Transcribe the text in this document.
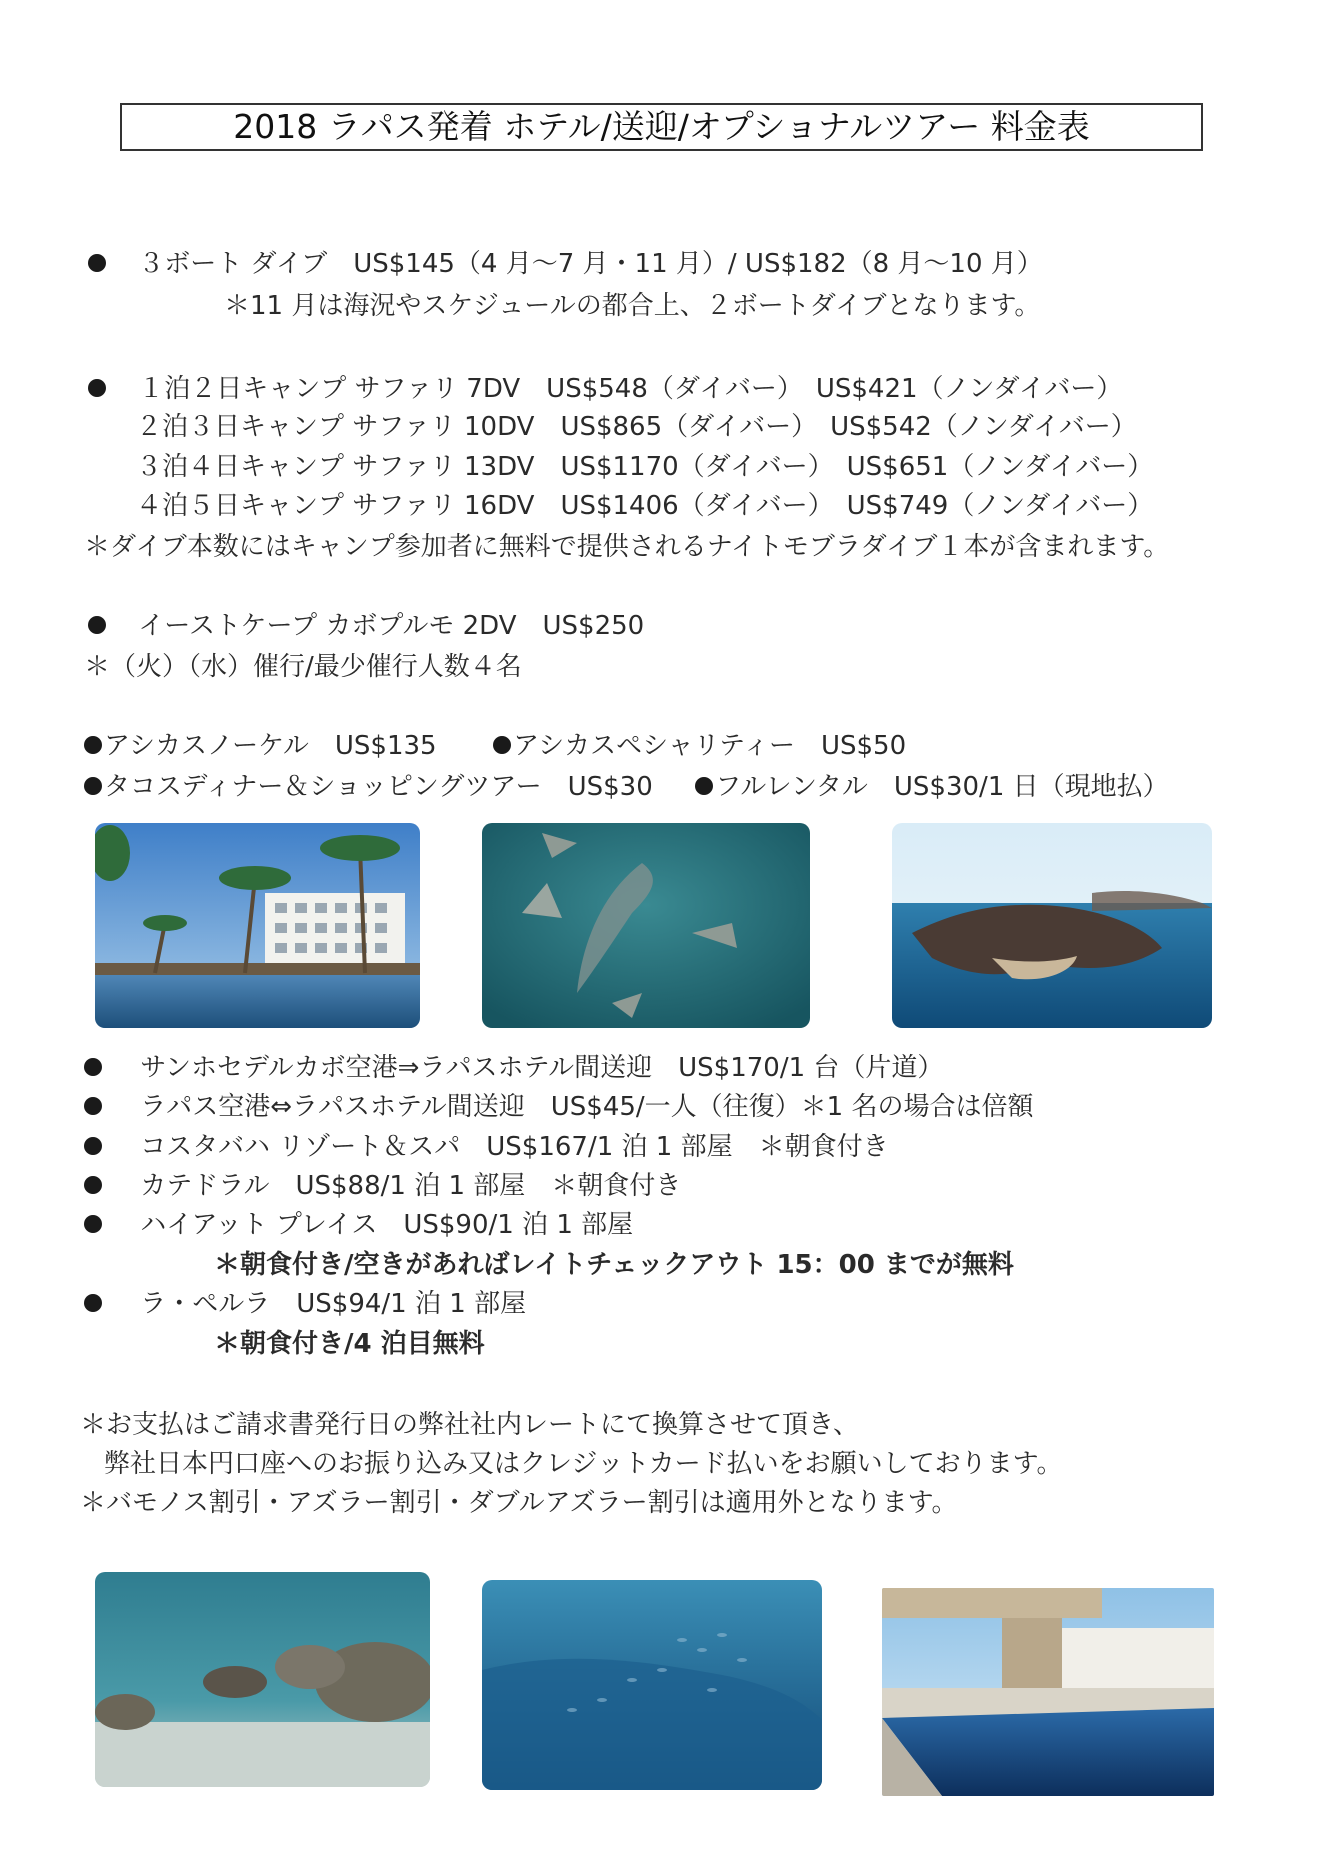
2018 ラパス発着 ホテル/送迎/オプショナルツアー 料金表
３ボート ダイブ　US$145（4 月～7 月・11 月）/ US$182（8 月～10 月）
＊11 月は海況やスケジュールの都合上、２ボートダイブとなります。
１泊２日キャンプ サファリ 7DV　US$548（ダイバー）　US$421（ノンダイバー）
２泊３日キャンプ サファリ 10DV　US$865（ダイバー）　US$542（ノンダイバー）
３泊４日キャンプ サファリ 13DV　US$1170（ダイバー）　US$651（ノンダイバー）
４泊５日キャンプ サファリ 16DV　US$1406（ダイバー）　US$749（ノンダイバー）
＊ダイブ本数にはキャンプ参加者に無料で提供されるナイトモブラダイブ１本が含まれます。
イーストケープ カボプルモ 2DV　US$250
＊（火）（水）催行/最少催行人数４名
アシカスノーケル　US$135	アシカスペシャリティー　US$50
タコスディナー＆ショッピングツアー　US$30 フルレンタル　US$30/1 日（現地払）
サンホセデルカボ空港⇒ラパスホテル間送迎　US$170/1 台（片道）
ラパス空港⇔ラパスホテル間送迎　US$45/一人（往復）＊1 名の場合は倍額
コスタバハ リゾート＆スパ　US$167/1 泊 1 部屋　＊朝食付き
カテドラル　US$88/1 泊 1 部屋　＊朝食付き
ハイアット プレイス　US$90/1 泊 1 部屋
＊朝食付き/空きがあればレイトチェックアウト 15：00 までが無料
ラ・ペルラ　US$94/1 泊 1 部屋
＊朝食付き/4 泊目無料
＊お支払はご請求書発行日の弊社社内レートにて換算させて頂き、
弊社日本円口座へのお振り込み又はクレジットカード払いをお願いしております。
＊バモノス割引・アズラー割引・ダブルアズラー割引は適用外となります。
